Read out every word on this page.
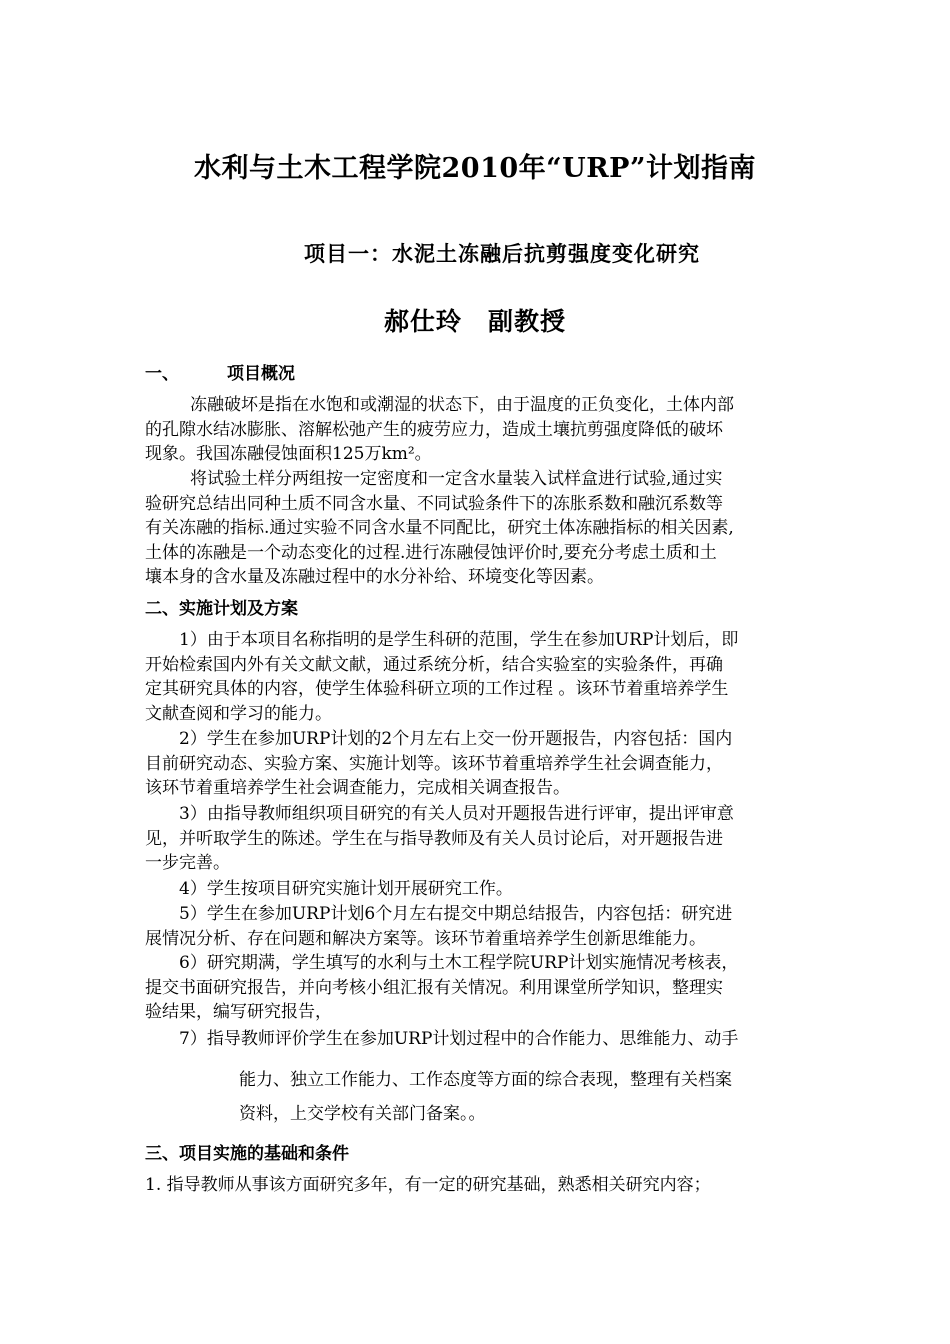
水利与土木工程学院2010年“URP”计划指南
项目一：水泥土冻融后抗剪强度变化研究
郝仕玲 副教授
一、	项目概况
冻融破坏是指在水饱和或潮湿的状态下，由于温度的正负变化，土体内部
的孔隙水结冰膨胀、溶解松弛产生的疲劳应力，造成土壤抗剪强度降低的破坏
现象。我国冻融侵蚀面积125万km²。
将试验土样分两组按一定密度和一定含水量装入试样盒进行试验,通过实
验研究总结出同种土质不同含水量、不同试验条件下的冻胀系数和融沉系数等
有关冻融的指标.通过实验不同含水量不同配比，研究土体冻融指标的相关因素,
土体的冻融是一个动态变化的过程.进行冻融侵蚀评价时,要充分考虑土质和土
壤本身的含水量及冻融过程中的水分补给、环境变化等因素。
二、实施计划及方案
1）由于本项目名称指明的是学生科研的范围，学生在参加URP计划后，即
开始检索国内外有关文献文献，通过系统分析，结合实验室的实验条件，再确
定其研究具体的内容，使学生体验科研立项的工作过程 。该环节着重培养学生
文献查阅和学习的能力。
2）学生在参加URP计划的2个月左右上交一份开题报告，内容包括：国内
目前研究动态、实验方案、实施计划等。该环节着重培养学生社会调查能力，
该环节着重培养学生社会调查能力，完成相关调查报告。
3）由指导教师组织项目研究的有关人员对开题报告进行评审，提出评审意
见，并听取学生的陈述。学生在与指导教师及有关人员讨论后，对开题报告进
一步完善。
4）学生按项目研究实施计划开展研究工作。
5）学生在参加URP计划6个月左右提交中期总结报告，内容包括：研究进
展情况分析、存在问题和解决方案等。该环节着重培养学生创新思维能力。
6）研究期满，学生填写的水利与土木工程学院URP计划实施情况考核表，
提交书面研究报告，并向考核小组汇报有关情况。利用课堂所学知识，整理实
验结果，编写研究报告，
7）指导教师评价学生在参加URP计划过程中的合作能力、思维能力、动手
能力、独立工作能力、工作态度等方面的综合表现，整理有关档案
资料，上交学校有关部门备案。。
三、项目实施的基础和条件
1. 指导教师从事该方面研究多年，有一定的研究基础，熟悉相关研究内容；
